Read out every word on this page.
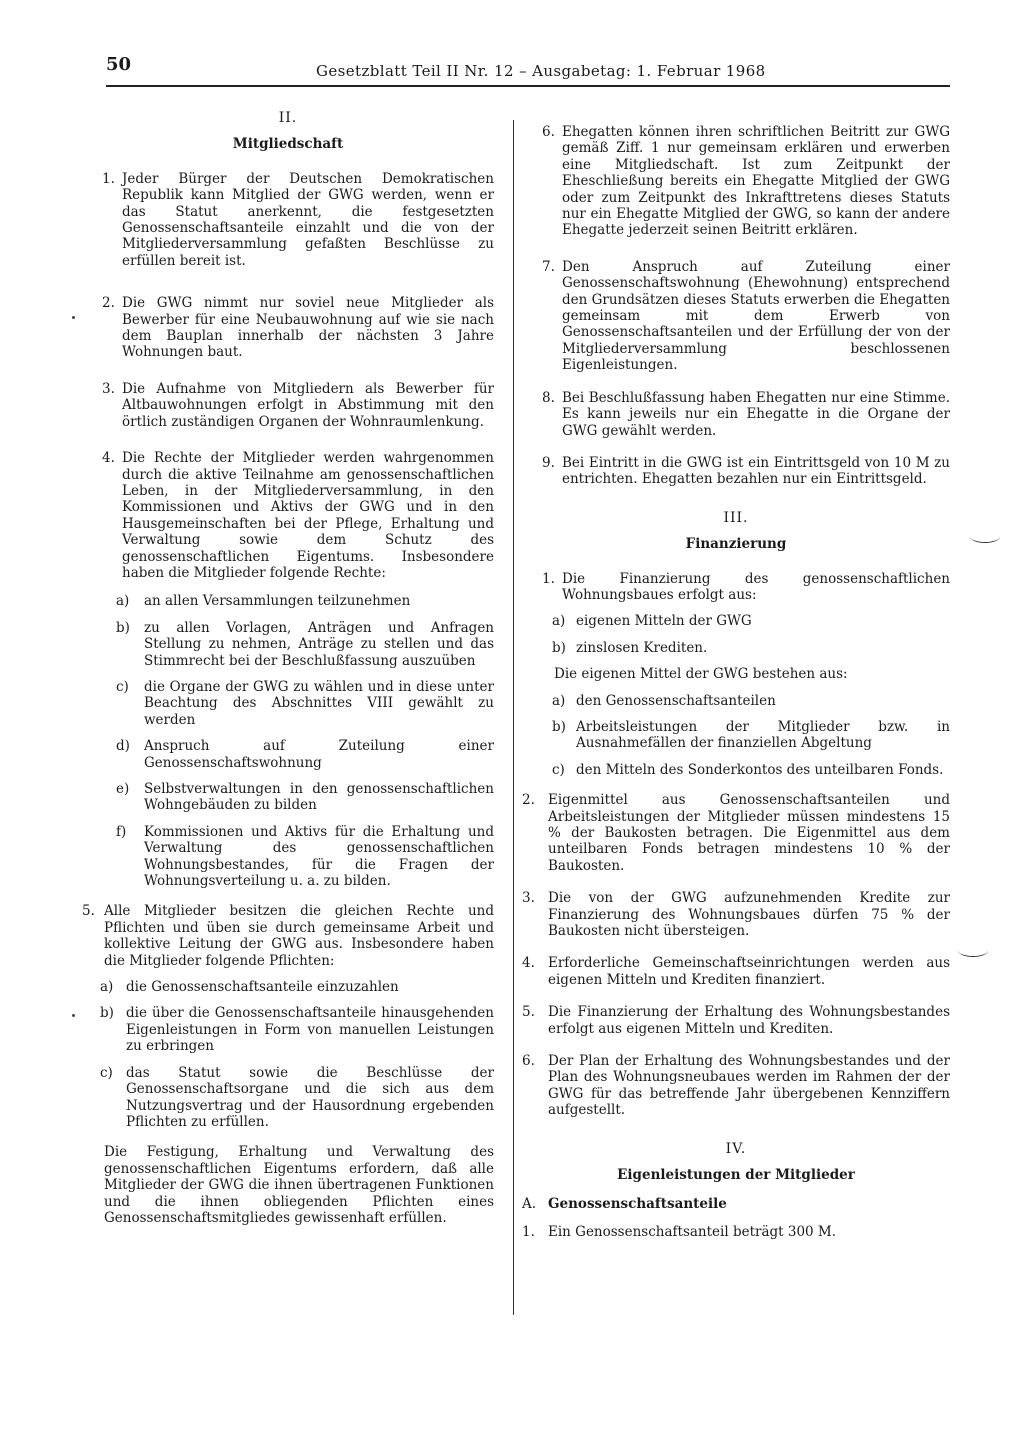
50	Gesetzblatt Teil II Nr. 12 – Ausgabetag: 1. Februar 1968
II.
Mitgliedschaft
1. Jeder Bürger der Deutschen Demokratischen Republik kann Mitglied der GWG werden, wenn er das Statut anerkennt, die festgesetzten Genossenschaftsanteile einzahlt und die von der Mitgliederversammlung gefaßten Beschlüsse zu erfüllen bereit ist.
2. Die GWG nimmt nur soviel neue Mitglieder als Bewerber für eine Neubauwohnung auf wie sie nach dem Bauplan innerhalb der nächsten 3 Jahre Wohnungen baut.
3. Die Aufnahme von Mitgliedern als Bewerber für Altbauwohnungen erfolgt in Abstimmung mit den örtlich zuständigen Organen der Wohnraumlenkung.
4. Die Rechte der Mitglieder werden wahrgenommen durch die aktive Teilnahme am genossenschaftlichen Leben, in der Mitgliederversammlung, in den Kommissionen und Aktivs der GWG und in den Hausgemeinschaften bei der Pflege, Erhaltung und Verwaltung sowie dem Schutz des genossenschaftlichen Eigentums. Insbesondere haben die Mitglieder folgende Rechte:
a) an allen Versammlungen teilzunehmen
b) zu allen Vorlagen, Anträgen und Anfragen Stellung zu nehmen, Anträge zu stellen und das Stimmrecht bei der Beschlußfassung auszuüben
c) die Organe der GWG zu wählen und in diese unter Beachtung des Abschnittes VIII gewählt zu werden
d) Anspruch auf Zuteilung einer Genossenschaftswohnung
e) Selbstverwaltungen in den genossenschaftlichen Wohngebäuden zu bilden
f) Kommissionen und Aktivs für die Erhaltung und Verwaltung des genossenschaftlichen Wohnungsbestandes, für die Fragen der Wohnungsverteilung u. a. zu bilden.
5. Alle Mitglieder besitzen die gleichen Rechte und Pflichten und üben sie durch gemeinsame Arbeit und kollektive Leitung der GWG aus. Insbesondere haben die Mitglieder folgende Pflichten:
a) die Genossenschaftsanteile einzuzahlen
b) die über die Genossenschaftsanteile hinausgehenden Eigenleistungen in Form von manuellen Leistungen zu erbringen
c) das Statut sowie die Beschlüsse der Genossenschaftsorgane und die sich aus dem Nutzungsvertrag und der Hausordnung ergebenden Pflichten zu erfüllen.
Die Festigung, Erhaltung und Verwaltung des genossenschaftlichen Eigentums erfordern, daß alle Mitglieder der GWG die ihnen übertragenen Funktionen und die ihnen obliegenden Pflichten eines Genossenschaftsmitgliedes gewissenhaft erfüllen.
6. Ehegatten können ihren schriftlichen Beitritt zur GWG gemäß Ziff. 1 nur gemeinsam erklären und erwerben eine Mitgliedschaft. Ist zum Zeitpunkt der Eheschließung bereits ein Ehegatte Mitglied der GWG oder zum Zeitpunkt des Inkrafttretens dieses Statuts nur ein Ehegatte Mitglied der GWG, so kann der andere Ehegatte jederzeit seinen Beitritt erklären.
7. Den Anspruch auf Zuteilung einer Genossenschaftswohnung (Ehewohnung) entsprechend den Grundsätzen dieses Statuts erwerben die Ehegatten gemeinsam mit dem Erwerb von Genossenschaftsanteilen und der Erfüllung der von der Mitgliederversammlung beschlossenen Eigenleistungen.
8. Bei Beschlußfassung haben Ehegatten nur eine Stimme. Es kann jeweils nur ein Ehegatte in die Organe der GWG gewählt werden.
9. Bei Eintritt in die GWG ist ein Eintrittsgeld von 10 M zu entrichten. Ehegatten bezahlen nur ein Eintrittsgeld.
III.
Finanzierung
1. Die Finanzierung des genossenschaftlichen Wohnungsbaues erfolgt aus:
a) eigenen Mitteln der GWG
b) zinslosen Krediten.
Die eigenen Mittel der GWG bestehen aus:
a) den Genossenschaftsanteilen
b) Arbeitsleistungen der Mitglieder bzw. in Ausnahmefällen der finanziellen Abgeltung
c) den Mitteln des Sonderkontos des unteilbaren Fonds.
2. Eigenmittel aus Genossenschaftsanteilen und Arbeitsleistungen der Mitglieder müssen mindestens 15 % der Baukosten betragen. Die Eigenmittel aus dem unteilbaren Fonds betragen mindestens 10 % der Baukosten.
3. Die von der GWG aufzunehmenden Kredite zur Finanzierung des Wohnungsbaues dürfen 75 % der Baukosten nicht übersteigen.
4. Erforderliche Gemeinschaftseinrichtungen werden aus eigenen Mitteln und Krediten finanziert.
5. Die Finanzierung der Erhaltung des Wohnungsbestandes erfolgt aus eigenen Mitteln und Krediten.
6. Der Plan der Erhaltung des Wohnungsbestandes und der Plan des Wohnungsneubaues werden im Rahmen der der GWG für das betreffende Jahr übergebenen Kennziffern aufgestellt.
IV.
Eigenleistungen der Mitglieder
A. Genossenschaftsanteile
1. Ein Genossenschaftsanteil beträgt 300 M.
